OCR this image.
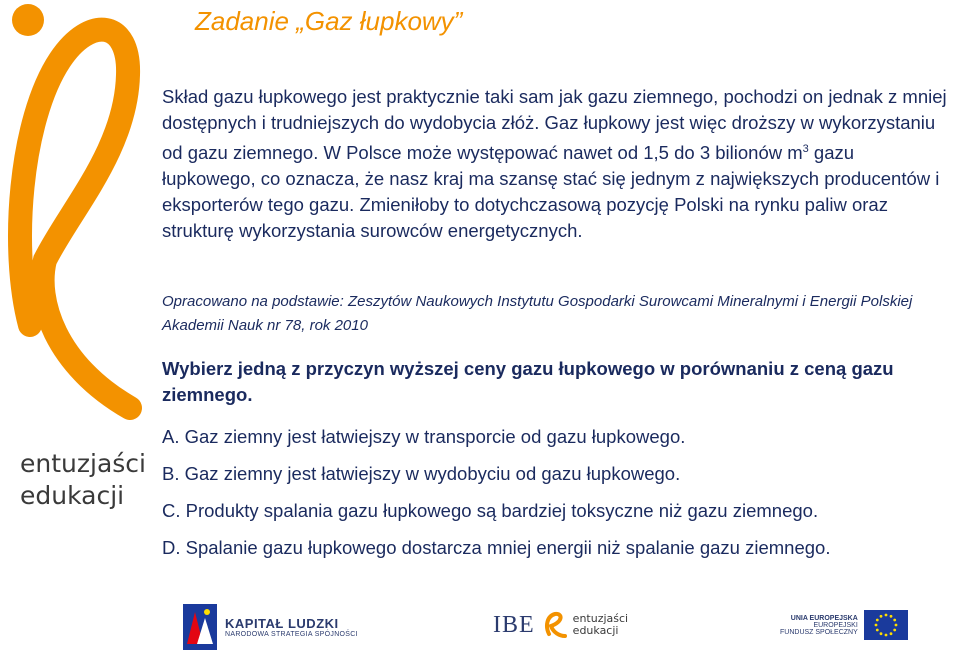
Zadanie „Gaz łupkowy”

Skład gazu łupkowego jest praktycznie taki sam jak gazu ziemnego, pochodzi on jednak z mniej dostępnych i trudniejszych do wydobycia złóż. Gaz łupkowy jest więc droższy w wykorzystaniu od gazu ziemnego. W Polsce może występować nawet od 1,5 do 3 bilionów $m^3$ gazu łupkowego, co oznacza, że nasz kraj ma szansę stać się jednym z największych producentów i eksporterów tego gazu. Zmieniłoby to dotychczasową pozycję Polski na rynku paliw oraz strukturę wykorzystania surowców energetycznych.

Opracowano na podstawie: Zeszytów Naukowych Instytutu Gospodarki Surowcami Mineralnymi i Energii Polskiej Akademii Nauk nr 78, rok 2010

Wybierz jedną z przyczyn wyższej ceny gazu łupkowego w porównaniu z ceną gazu ziemnego.

A. Gaz ziemny jest łatwiejszy w transporcie od gazu łupkowego.
B. Gaz ziemny jest łatwiejszy w wydobyciu od gazu łupkowego.
C. Produkty spalania gazu łupkowego są bardziej toksyczne niż gazu ziemnego.
D. Spalanie gazu łupkowego dostarcza mniej energii niż spalanie gazu ziemnego.
entuzjaści
edukacji
KAPITAŁ LUDZKI
NARODOWA STRATEGIA SPÓJNOŚCI	IBE	entuzjaści
edukacji
UNIA EUROPEJSKA
EUROPEJSKI
FUNDUSZ SPOŁECZNY
